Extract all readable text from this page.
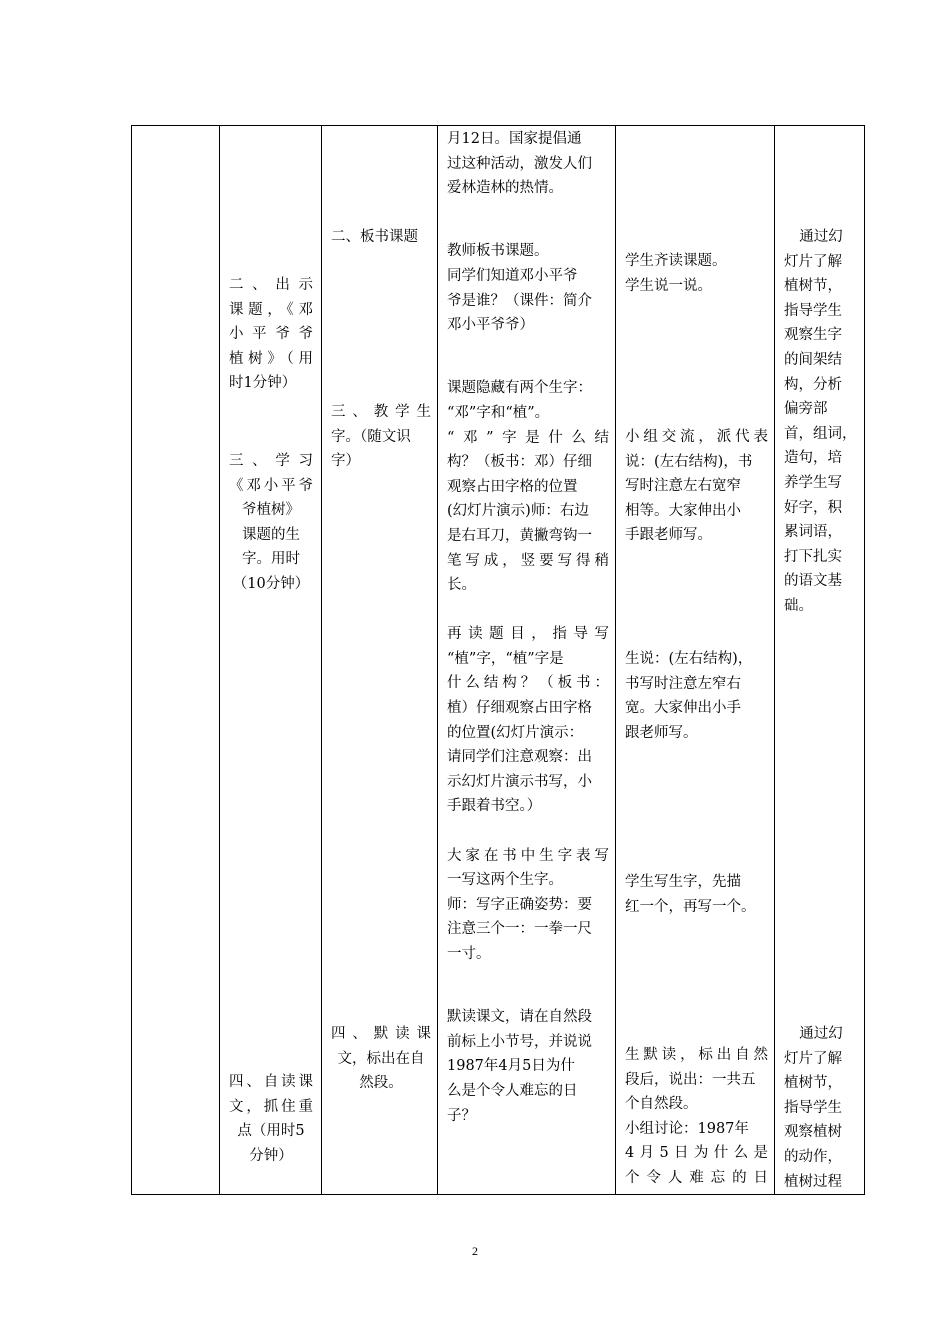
二、出示

课题，《邓

小平爷爷

植树》（用

时1分钟）

三、学习

《邓小平爷

爷植树》

课题的生

字。用时

（10分钟）

四、自读课

文，抓住重

点（用时5

分钟）

二、板书课题

三、教学生

字。（随文识

字）

四、默读课

文，标出在自

然段。

月12日。国家提倡通

过这种活动，激发人们

爱林造林的热情。

教师板书课题。

同学们知道邓小平爷

爷是谁？（课件：简介

邓小平爷爷）

课题隐藏有两个生字：

“邓”字和“植”。

“邓”字是什么结

构？（板书：邓）仔细

观察占田字格的位置

(幻灯片演示)师：右边

是右耳刀，黄撇弯钩一

笔写成，竖要写得稍

长。

再读题目，指导写

“植”字，“植”字是

什么结构？（板书：

植）仔细观察占田字格

的位置(幻灯片演示：

请同学们注意观察：出

示幻灯片演示书写，小

手跟着书空。）

大家在书中生字表写

一写这两个生字。

师：写字正确姿势：要

注意三个一：一拳一尺

一寸。

默读课文，请在自然段

前标上小节号，并说说

1987年4月5日为什

么是个令人难忘的日

子？

学生齐读课题。

学生说一说。

小组交流，派代表

说：(左右结构)，书

写时注意左右宽窄

相等。大家伸出小

手跟老师写。

生说：(左右结构)，

书写时注意左窄右

宽。大家伸出小手

跟老师写。

学生写生字，先描

红一个，再写一个。

生默读，标出自然

段后，说出：一共五

个自然段。

小组讨论：1987年

4月5日为什么是

个令人难忘的日

通过幻

灯片了解

植树节，

指导学生

观察生字

的间架结

构，分析

偏旁部

首，组词，

造句，培

养学生写

好字，积

累词语，

打下扎实

的语文基

础。

通过幻

灯片了解

植树节，

指导学生

观察植树

的动作，

植树过程

2
